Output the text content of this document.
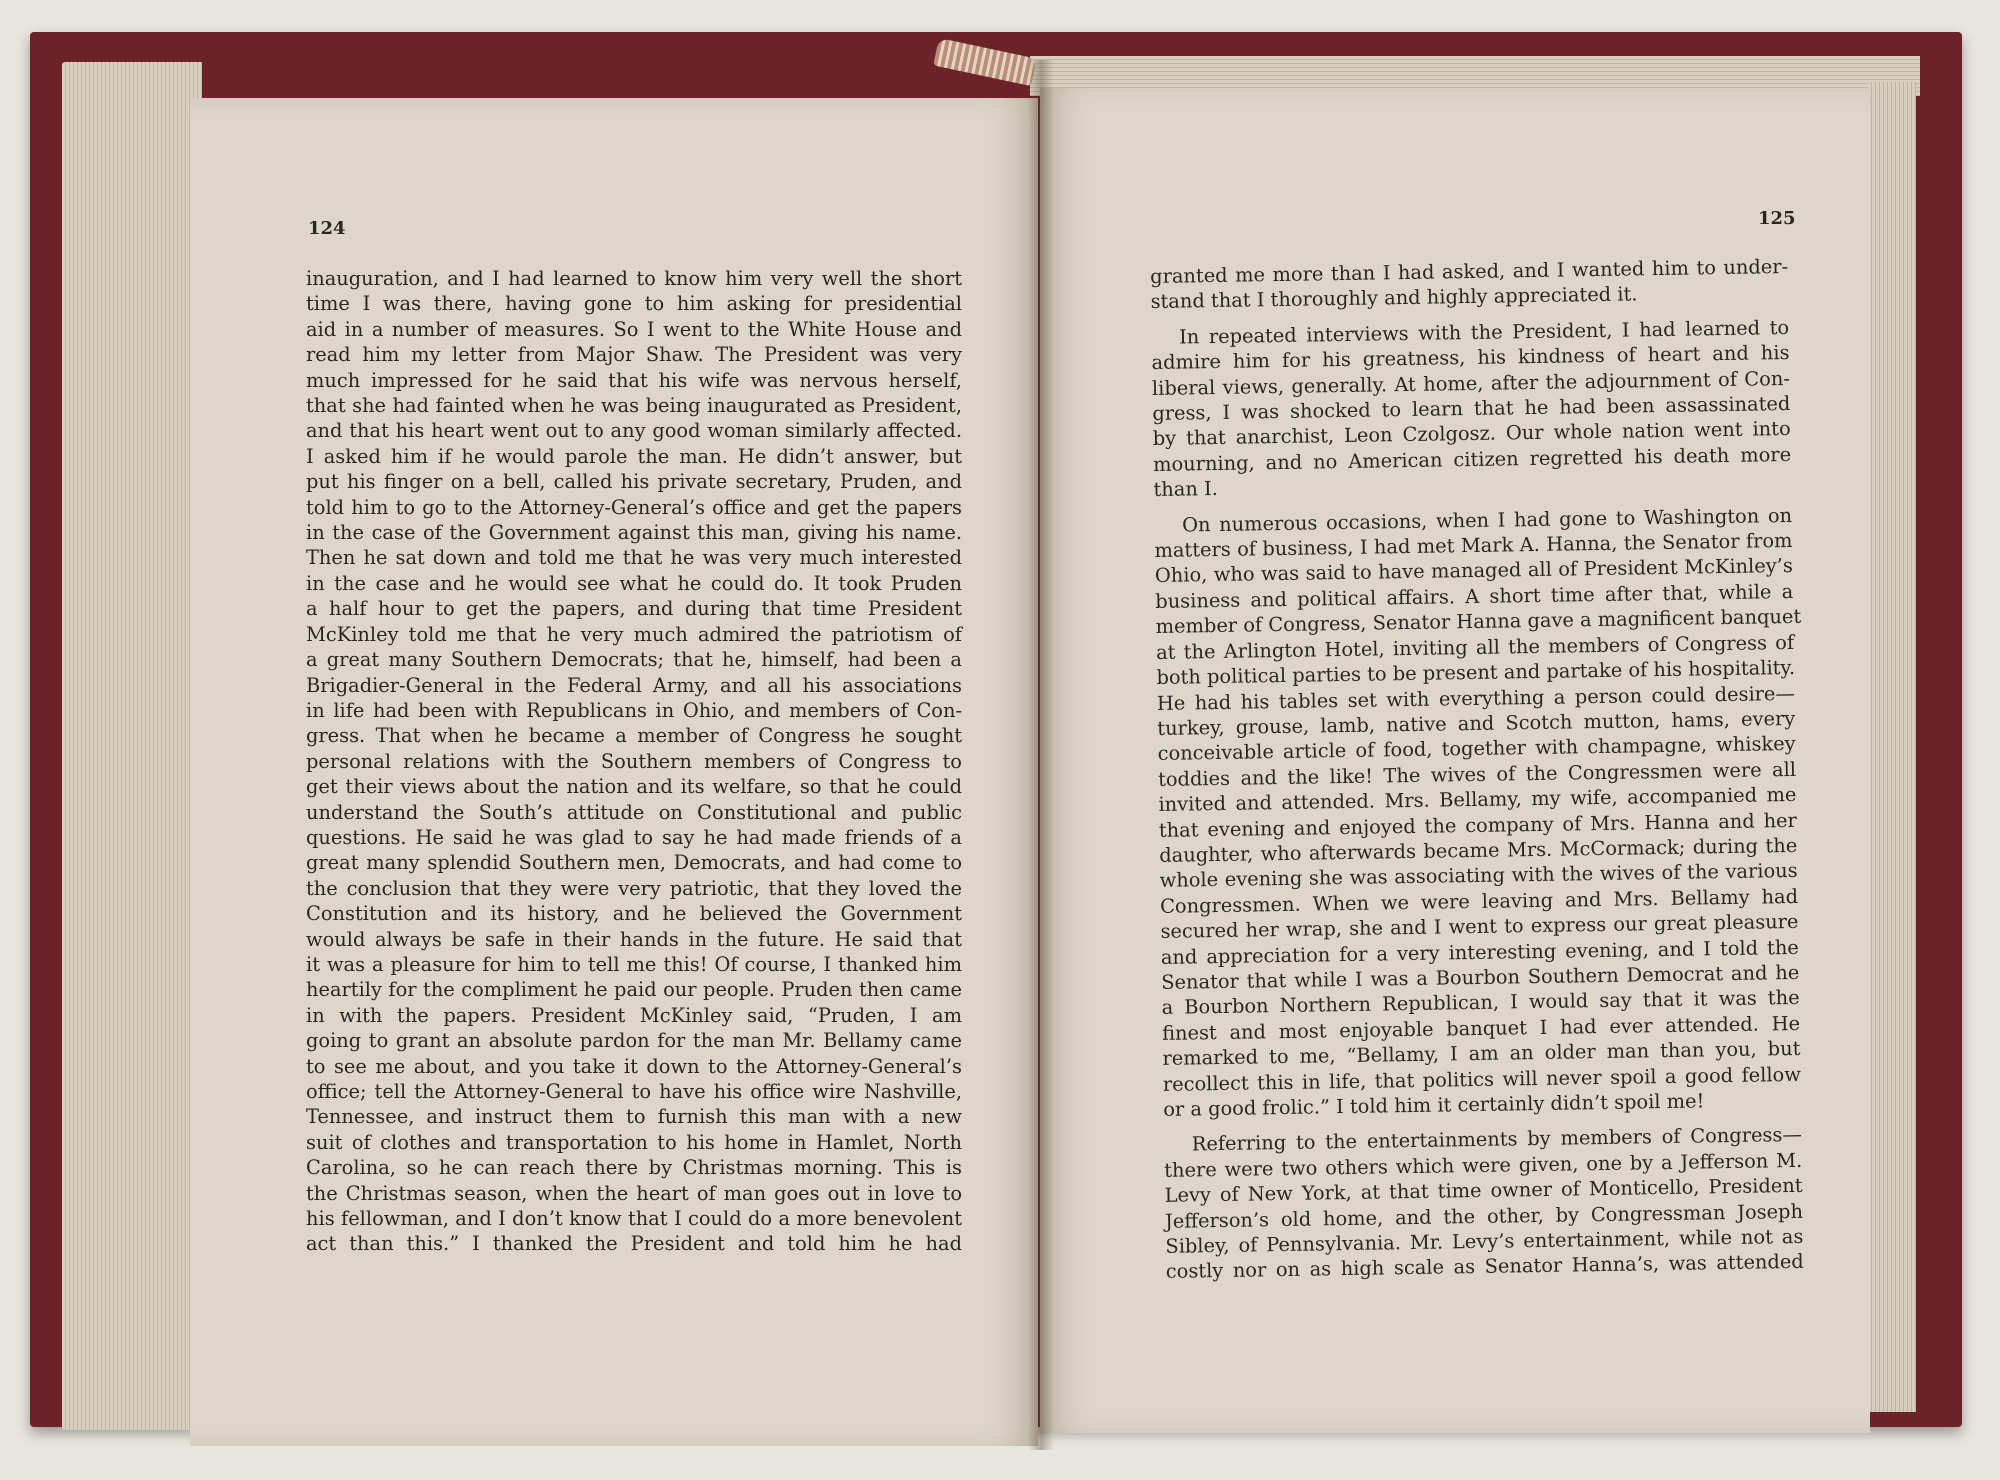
124

inauguration, and I had learned to know him very well the short
time I was there, having gone to him asking for presidential
aid in a number of measures. So I went to the White House and
read him my letter from Major Shaw. The President was very
much impressed for he said that his wife was nervous herself,
that she had fainted when he was being inaugurated as President,
and that his heart went out to any good woman similarly affected.
I asked him if he would parole the man. He didn’t answer, but
put his finger on a bell, called his private secretary, Pruden, and
told him to go to the Attorney-General’s office and get the papers
in the case of the Government against this man, giving his name.
Then he sat down and told me that he was very much interested
in the case and he would see what he could do. It took Pruden
a half hour to get the papers, and during that time President
McKinley told me that he very much admired the patriotism of
a great many Southern Democrats; that he, himself, had been a
Brigadier-General in the Federal Army, and all his associations
in life had been with Republicans in Ohio, and members of Con-
gress. That when he became a member of Congress he sought
personal relations with the Southern members of Congress to
get their views about the nation and its welfare, so that he could
understand the South’s attitude on Constitutional and public
questions. He said he was glad to say he had made friends of a
great many splendid Southern men, Democrats, and had come to
the conclusion that they were very patriotic, that they loved the
Constitution and its history, and he believed the Government
would always be safe in their hands in the future. He said that
it was a pleasure for him to tell me this! Of course, I thanked him
heartily for the compliment he paid our people. Pruden then came
in with the papers. President McKinley said, “Pruden, I am
going to grant an absolute pardon for the man Mr. Bellamy came
to see me about, and you take it down to the Attorney-General’s
office; tell the Attorney-General to have his office wire Nashville,
Tennessee, and instruct them to furnish this man with a new
suit of clothes and transportation to his home in Hamlet, North
Carolina, so he can reach there by Christmas morning. This is
the Christmas season, when the heart of man goes out in love to
his fellowman, and I don’t know that I could do a more benevolent
act than this.” I thanked the President and told him he had

125

granted me more than I had asked, and I wanted him to under-
stand that I thoroughly and highly appreciated it.

In repeated interviews with the President, I had learned to
admire him for his greatness, his kindness of heart and his
liberal views, generally. At home, after the adjournment of Con-
gress, I was shocked to learn that he had been assassinated
by that anarchist, Leon Czolgosz. Our whole nation went into
mourning, and no American citizen regretted his death more
than I.

On numerous occasions, when I had gone to Washington on
matters of business, I had met Mark A. Hanna, the Senator from
Ohio, who was said to have managed all of President McKinley’s
business and political affairs. A short time after that, while a
member of Congress, Senator Hanna gave a magnificent banquet
at the Arlington Hotel, inviting all the members of Congress of
both political parties to be present and partake of his hospitality.
He had his tables set with everything a person could desire—
turkey, grouse, lamb, native and Scotch mutton, hams, every
conceivable article of food, together with champagne, whiskey
toddies and the like! The wives of the Congressmen were all
invited and attended. Mrs. Bellamy, my wife, accompanied me
that evening and enjoyed the company of Mrs. Hanna and her
daughter, who afterwards became Mrs. McCormack; during the
whole evening she was associating with the wives of the various
Congressmen. When we were leaving and Mrs. Bellamy had
secured her wrap, she and I went to express our great pleasure
and appreciation for a very interesting evening, and I told the
Senator that while I was a Bourbon Southern Democrat and he
a Bourbon Northern Republican, I would say that it was the
finest and most enjoyable banquet I had ever attended. He
remarked to me, “Bellamy, I am an older man than you, but
recollect this in life, that politics will never spoil a good fellow
or a good frolic.” I told him it certainly didn’t spoil me!

Referring to the entertainments by members of Congress—
there were two others which were given, one by a Jefferson M.
Levy of New York, at that time owner of Monticello, President
Jefferson’s old home, and the other, by Congressman Joseph
Sibley, of Pennsylvania. Mr. Levy’s entertainment, while not as
costly nor on as high scale as Senator Hanna’s, was attended
